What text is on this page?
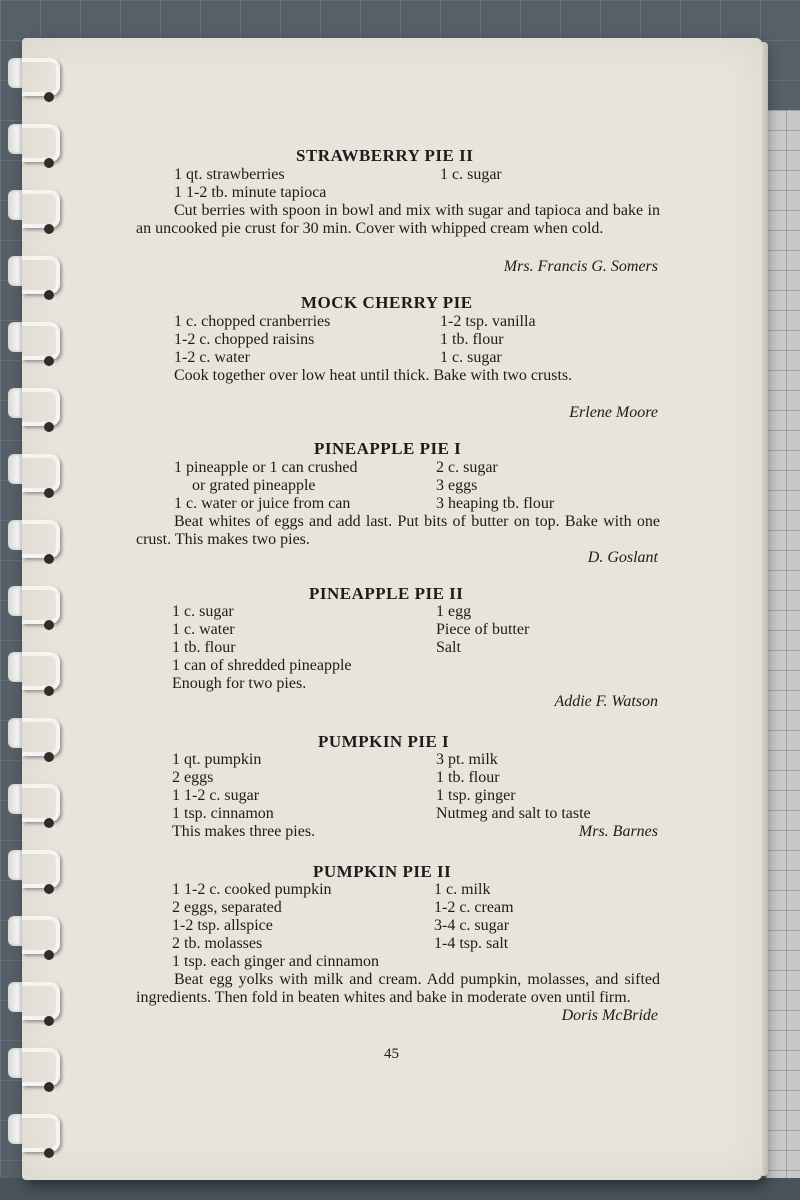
STRAWBERRY PIE II
1 qt. strawberries	1 c. sugar
1 1-2 tb. minute tapioca
Cut berries with spoon in bowl and mix with sugar and tapioca and bake in an uncooked pie crust for 30 min. Cover with whipped cream when cold.
Mrs. Francis G. Somers
MOCK CHERRY PIE
1 c. chopped cranberries	1-2 tsp. vanilla
1-2 c. chopped raisins	1 tb. flour
1-2 c. water	1 c. sugar
Cook together over low heat until thick. Bake with two crusts.
Erlene Moore
PINEAPPLE PIE I
1 pineapple or 1 can crushed	2 c. sugar
or grated pineapple	3 eggs
1 c. water or juice from can	3 heaping tb. flour
Beat whites of eggs and add last. Put bits of butter on top. Bake with one crust. This makes two pies.
D. Goslant
PINEAPPLE PIE II
1 c. sugar	1 egg
1 c. water	Piece of butter
1 tb. flour	Salt
1 can of shredded pineapple
Enough for two pies.
Addie F. Watson
PUMPKIN PIE I
1 qt. pumpkin	3 pt. milk
2 eggs	1 tb. flour
1 1-2 c. sugar	1 tsp. ginger
1 tsp. cinnamon	Nutmeg and salt to taste
This makes three pies.	Mrs. Barnes
PUMPKIN PIE II
1 1-2 c. cooked pumpkin	1 c. milk
2 eggs, separated	1-2 c. cream
1-2 tsp. allspice	3-4 c. sugar
2 tb. molasses	1-4 tsp. salt
1 tsp. each ginger and cinnamon
Beat egg yolks with milk and cream. Add pumpkin, molasses, and sifted ingredients. Then fold in beaten whites and bake in moderate oven until firm.
Doris McBride
45
